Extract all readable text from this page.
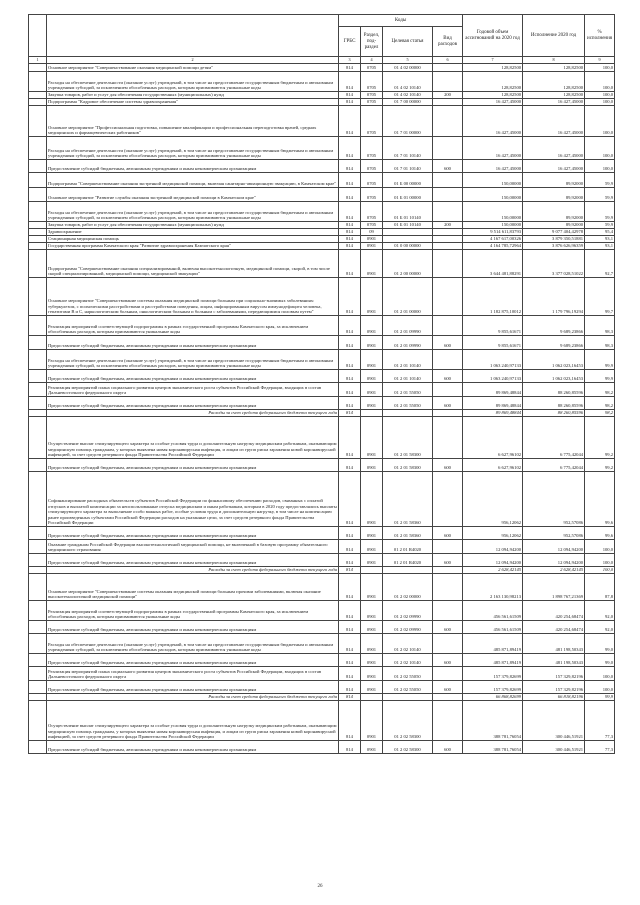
		Коды				Годовой объем ассигнований на 2020 год	Исполнение 2020 год	% исполнения
		ГРБС	Раздел, под-раздел	Целевая статья	Вид расходов			
1	2	3	4	5	6	7	8	9
	Основное мероприятие "Совершенствование оказания медицинской помощи детям"	814	0705	01 4 02 00000		128,82500	128,82500	100,0
	Расходы на обеспечение деятельности (оказание услуг) учреждений, в том числе на предоставление государственным бюджетным и автономным учреждениям субсидий, за исключением обособленных расходов, которым присваиваются уникальные коды	814	0705	01 4 02 10140		128,82500	128,82500	100,0
	Закупка товаров, работ и услуг для обеспечения государственных (муниципальных) нужд	814	0705	01 4 02 10140	200	128,82500	128,82500	100,0
	Подпрограмма "Кадровое обеспечение системы здравоохранения"	814	0705	01 7 00 00000		16 427,45000	16 427,45000	100,0
	Основное мероприятие "Профессиональная подготовка, повышение квалификации и профессиональная переподготовка врачей, средних медицинских и фармацевтических работников"	814	0705	01 7 01 00000		16 427,45000	16 427,45000	100,0
	Расходы на обеспечение деятельности (оказание услуг) учреждений, в том числе на предоставление государственным бюджетным и автономным учреждениям субсидий, за исключением обособленных расходов, которым присваиваются уникальные коды	814	0705	01 7 01 10140		16 427,45000	16 427,45000	100,0
	Предоставление субсидий бюджетным, автономным учреждениям и иным некоммерческим организациям	814	0705	01 7 01 10140	600	16 427,45000	16 427,45000	100,0
	Подпрограмма "Совершенствование оказания экстренной медицинской помощи, включая санитарно-авиационную эвакуацию, в Камчатском крае"	814	0705	01 Б 00 00000		150,00000	89,92000	59,9
	Основное мероприятие "Развитие службы оказания экстренной медицинской помощи в Камчатском крае"	814	0705	01 Б 01 00000		150,00000	89,92000	59,9
	Расходы на обеспечение деятельности (оказание услуг) учреждений, в том числе на предоставление государственным бюджетным и автономным учреждениям субсидий, за исключением обособленных расходов, которым присваиваются уникальные коды	814	0705	01 Б 01 10140		150,00000	89,92000	59,9
	Закупка товаров, работ и услуг для обеспечения государственных (муниципальных) нужд	814	0705	01 Б 01 10140	200	150,00000	89,92000	59,9
	Здравоохранение	814	09			9 514 611,83793	9 077 404,42978	95,4
	Стационарная медицинская помощь	814	0901			4 167 617,00326	3 879 350,51881	93,1
	Государственная программа Камчатского края "Развитие здравоохранения Камчатского края"	814	0901	01 0 00 00000		4 164 785,72964	3 876 626,96359	93,1
	Подпрограмма "Совершенствование оказания специализированной, включая высокотехнологичную, медицинской помощи, скорой, в том числе скорой специализированной, медицинской помощи, медицинской эвакуации"	814	0901	01 2 00 00000		3 644 481,88291	3 377 028,51022	92,7
	Основное мероприятие "Совершенствование системы оказания медицинской помощи больным при социально-значимых заболеваниях: туберкулезом, с психическими расстройствами и расстройствами поведения, лицам, инфицированным вирусом иммунодефицита человека, гепатитами В и С, наркологическим больным, онкологическим больным и больным с заболеваниями, передающимися половым путем"	814	0901	01 2 01 00000		1 182 875,10012	1 179 796,19294	99,7
	Реализация мероприятий соответствующей подпрограммы в рамках государственной программы Камчатского края, за исключением обособленных расходов, которым присваиваются уникальные коды	814	0901	01 2 01 09990		9 855,61671	9 689,23866	98,3
	Предоставление субсидий бюджетным, автономным учреждениям и иным некоммерческим организациям	814	0901	01 2 01 09990	600	9 855,61671	9 689,23866	98,3
	Расходы на обеспечение деятельности (оказание услуг) учреждений, в том числе на предоставление государственным бюджетным и автономным учреждениям субсидий, за исключением обособленных расходов, которым присваиваются уникальные коды	814	0901	01 2 01 10140		1 063 240,97133	1 062 023,16453	99,9
	Предоставление субсидий бюджетным, автономным учреждениям и иным некоммерческим организациям	814	0901	01 2 01 10140	600	1 063 240,97133	1 062 023,16453	99,9
	Реализация мероприятий плана социального развития центров экономического роста субъектов Российской Федерации, входящих в состав Дальневосточного федерального округа	814	0901	01 2 01 55050		89 869,48844	88 260,85596	98,2
	Предоставление субсидий бюджетным, автономным учреждениям и иным некоммерческим организациям	814	0901	01 2 01 55050	600	89 869,48844	88 260,85596	98,2
	Расходы за счет средств федерального бюджета текущего года	814				89 869,48844	88 260,85596	98,2
	Осуществление выплат стимулирующего характера за особые условия труда и дополнительную нагрузку медицинским работникам, оказывающим медицинскую помощь гражданам, у которых выявлена новая коронавирусная инфекция, и лицам из групп риска заражения новой коронавирусной инфекцией, за счет средств резервного фонда Правительства Российской Федерации	814	0901	01 2 01 58300		6 627,96102	6 775,42044	99,2
	Предоставление субсидий бюджетным, автономным учреждениям и иным некоммерческим организациям	814	0901	01 2 01 58300	600	6 627,96102	6 775,42044	99,2
	Софинансирование расходных обязательств субъектов Российской Федерации по финансовому обеспечению расходов, связанных с оплатой отпусков и выплатой компенсации за неиспользованные отпуска медицинским и иным работникам, которым в 2020 году предоставлялись выплаты стимулирующего характера за выполнение особо важных работ, особые условия труда и дополнительную нагрузку, в том числе на компенсацию ранее произведенных субъектами Российской Федерации расходов на указанные цели, за счет средств резервного фонда Правительства Российской Федерации	814	0901	01 2 01 58360		956,12062	952,57086	99,6
	Предоставление субсидий бюджетным, автономным учреждениям и иным некоммерческим организациям	814	0901	01 2 01 58360	600	956,12062	952,57086	99,6
	Оказание гражданам Российской Федерации высокотехнологичной медицинской помощи, не включенной в базовую программу обязательного медицинского страхования	814	0901	01 2 01 R4020		12 094,94200	12 094,94200	100,0
	Предоставление субсидий бюджетным, автономным учреждениям и иным некоммерческим организациям	814	0901	01 2 01 R4020	600	12 094,94200	12 094,94200	100,0
	Расходы за счет средств федерального бюджета текущего года	814				2 628,42145	2 628,42145	100,0
	Основное мероприятие "Совершенствование системы оказания медицинской помощи больным прочими заболеваниями, включая оказание высокотехнологичной медицинской помощи"	814	0901	01 2 02 00000		2 163 130,98213	1 898 767,21369	87,8
	Реализация мероприятий соответствующей подпрограммы в рамках государственной программы Камчатского края, за исключением обособленных расходов, которым присваиваются уникальные коды	814	0901	01 2 02 09990		456 561,61509	420 254,68474	92,0
	Предоставление субсидий бюджетным, автономным учреждениям и иным некоммерческим организациям	814	0901	01 2 02 09990	600	456 561,61509	420 254,68474	92,0
	Расходы на обеспечение деятельности (оказание услуг) учреждений, в том числе на предоставление государственным бюджетным и автономным учреждениям субсидий, за исключением обособленных расходов, которым присваиваются уникальные коды	814	0901	01 2 02 10140		485 871,89419	481 198,50343	99,0
	Предоставление субсидий бюджетным, автономным учреждениям и иным некоммерческим организациям	814	0901	01 2 02 10140	600	485 871,89419	481 198,50343	99,0
	Реализация мероприятий плана социального развития центров экономического роста субъектов Российской Федерации, входящих в состав Дальневосточного федерального округа	814	0901	01 2 02 55050		157 379,82699	157 329,82196	100,0
	Предоставление субсидий бюджетным, автономным учреждениям и иным некоммерческим организациям	814	0901	01 2 02 55050	600	157 379,82699	157 329,82196	100,0
	Расходы за счет средств федерального бюджета текущего года	814				66 868,82699	66 818,82196	99,9
	Осуществление выплат стимулирующего характера за особые условия труда и дополнительную нагрузку медицинским работникам, оказывающим медицинскую помощь гражданам, у которых выявлена новая коронавирусная инфекция, и лицам из групп риска заражения новой коронавирусной инфекцией, за счет средств резервного фонда Правительства Российской Федерации	814	0901	01 2 02 58300		388 781,76054	300 446,51921	77,3
	Предоставление субсидий бюджетным, автономным учреждениям и иным некоммерческим организациям	814	0901	01 2 02 58300	600	388 781,76054	300 446,51921	77,3
26
